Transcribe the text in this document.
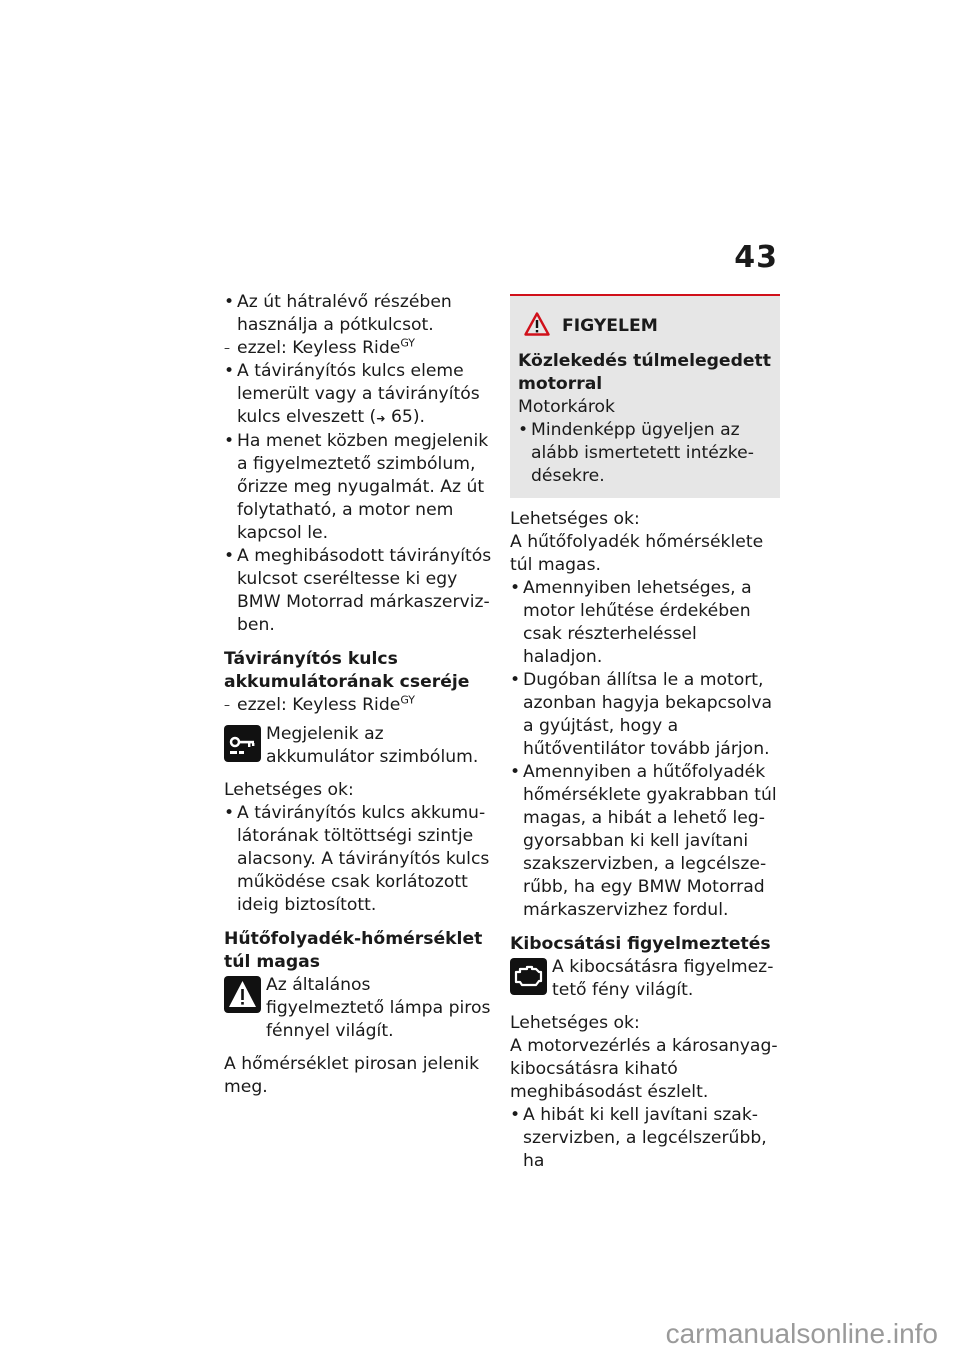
43

• Az út hátralévő részében használja a pótkulcsot.

– ezzel: Keyless Ride$^{GY}$

• A távirányítós kulcs eleme lemerült vagy a távirányítós kulcs elveszett (➜ 65).

• Ha menet közben megjelenik a figyelmeztető szimbólum, őrizze meg nyugalmát. Az út folytatható, a motor nem kapcsol le.

• A meghibásodott távirányítós kulcsot cseréltesse ki egy BMW Motorrad márkaszervizben.

Távirányítós kulcs akkumulátorának cseréje

– ezzel: Keyless Ride$^{GY}$

Megjelenik az akkumulátor szimbólum.

Lehetséges ok:

• A távirányítós kulcs akkumulátorának töltöttségi szintje alacsony. A távirányítós kulcs működése csak korlátozott ideig biztosított.

Hűtőfolyadék-hőmérséklet túl magas

Az általános figyelmeztető lámpa piros fénnyel világít.

A hőmérséklet pirosan jelenik meg.

FIGYELEM

Közlekedés túlmelegedett motorral

Motorkárok

• Mindenképp ügyeljen az alább ismertetett intézkedésekre.

Lehetséges ok:

A hűtőfolyadék hőmérséklete túl magas.

• Amennyiben lehetséges, a motor lehűtése érdekében csak részterheléssel haladjon.

• Dugóban állítsa le a motort, azonban hagyja bekapcsolva a gyújtást, hogy a hűtőventilátor tovább járjon.

• Amennyiben a hűtőfolyadék hőmérséklete gyakrabban túl magas, a hibát a lehető leggyorsabban ki kell javítani szakszervizben, a legcélszerűbb, ha egy BMW Motorrad márkaszervizhez fordul.

Kibocsátási figyelmeztetés

A kibocsátásra figyelmeztető fény világít.

Lehetséges ok:

A motorvezérlés a károsanyag-kibocsátásra kiható meghibásodást észlelt.

• A hibát ki kell javítani szakszervizben, a legcélszerűbb, ha

carmanualsonline.info
